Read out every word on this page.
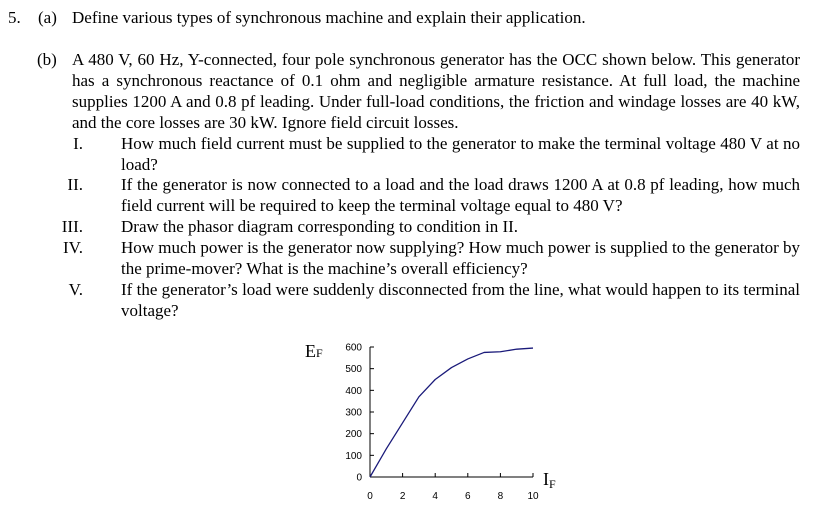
5. (a) Define various types of synchronous machine and explain their application.
(b) A 480 V, 60 Hz, Y-connected, four pole synchronous generator has the OCC shown below. This generator has a synchronous reactance of 0.1 ohm and negligible armature resistance. At full load, the machine supplies 1200 A and 0.8 pf leading. Under full-load conditions, the friction and windage losses are 40 kW, and the core losses are 30 kW. Ignore field circuit losses.
I. How much field current must be supplied to the generator to make the terminal voltage 480 V at no load?
II. If the generator is now connected to a load and the load draws 1200 A at 0.8 pf leading, how much field current will be required to keep the terminal voltage equal to 480 V?
III. Draw the phasor diagram corresponding to condition in II.
IV. How much power is the generator now supplying? How much power is supplied to the generator by the prime-mover? What is the machine’s overall efficiency?
V. If the generator’s load were suddenly disconnected from the line, what would happen to its terminal voltage?
0
100
200
300
400
500
600
0	2	4	6	8 10
EF
IF
